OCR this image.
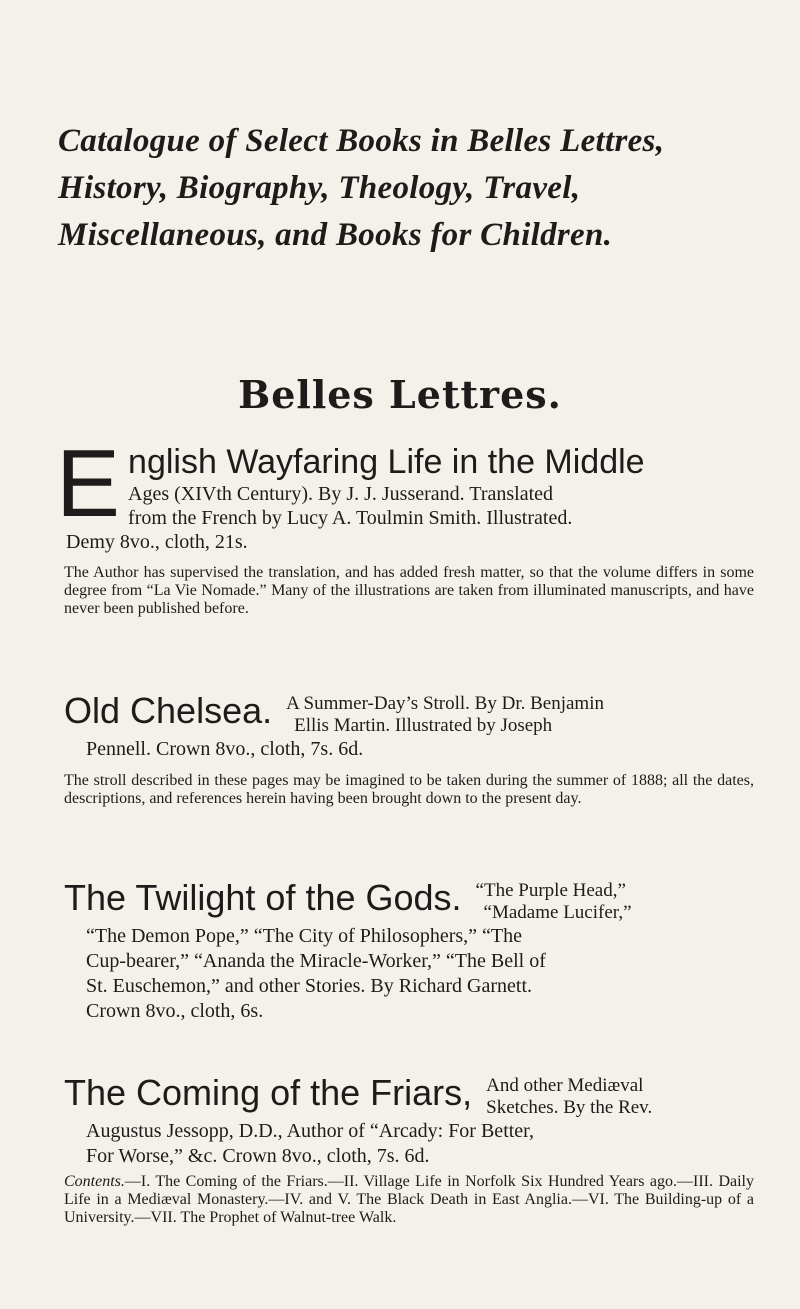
Catalogue of Select Books in Belles Lettres,
History, Biography, Theology, Travel,
Miscellaneous, and Books for Children.
Belles Lettres.
E nglish Wayfaring Life in the Middle
Ages (XIVth Century). By J. J. Jusserand. Translated
from the French by Lucy A. Toulmin Smith. Illustrated.
Demy 8vo., cloth, 21s.
The Author has supervised the translation, and has added fresh matter, so that the volume differs in some degree from “La Vie Nomade.” Many of the illustrations are taken from illuminated manuscripts, and have never been published before.
Old Chelsea. A Summer-Day’s Stroll. By Dr. Benjamin
Ellis Martin. Illustrated by Joseph
Pennell. Crown 8vo., cloth, 7s. 6d.
The stroll described in these pages may be imagined to be taken during the summer of 1888; all the dates, descriptions, and references herein having been brought down to the present day.
The Twilight of the Gods. “The Purple Head,”
“Madame Lucifer,”
“The Demon Pope,” “The City of Philosophers,” “The
Cup-bearer,” “Ananda the Miracle-Worker,” “The Bell of
St. Euschemon,” and other Stories. By Richard Garnett.
Crown 8vo., cloth, 6s.
The Coming of the Friars, And other Mediæval
Sketches. By the Rev.
Augustus Jessopp, D.D., Author of “Arcady: For Better,
For Worse,” &c. Crown 8vo., cloth, 7s. 6d.
Contents.—I. The Coming of the Friars.—II. Village Life in Norfolk Six Hundred Years ago.—III. Daily Life in a Mediæval Monastery.—IV. and V. The Black Death in East Anglia.—VI. The Building-up of a University.—VII. The Prophet of Walnut-tree Walk.
